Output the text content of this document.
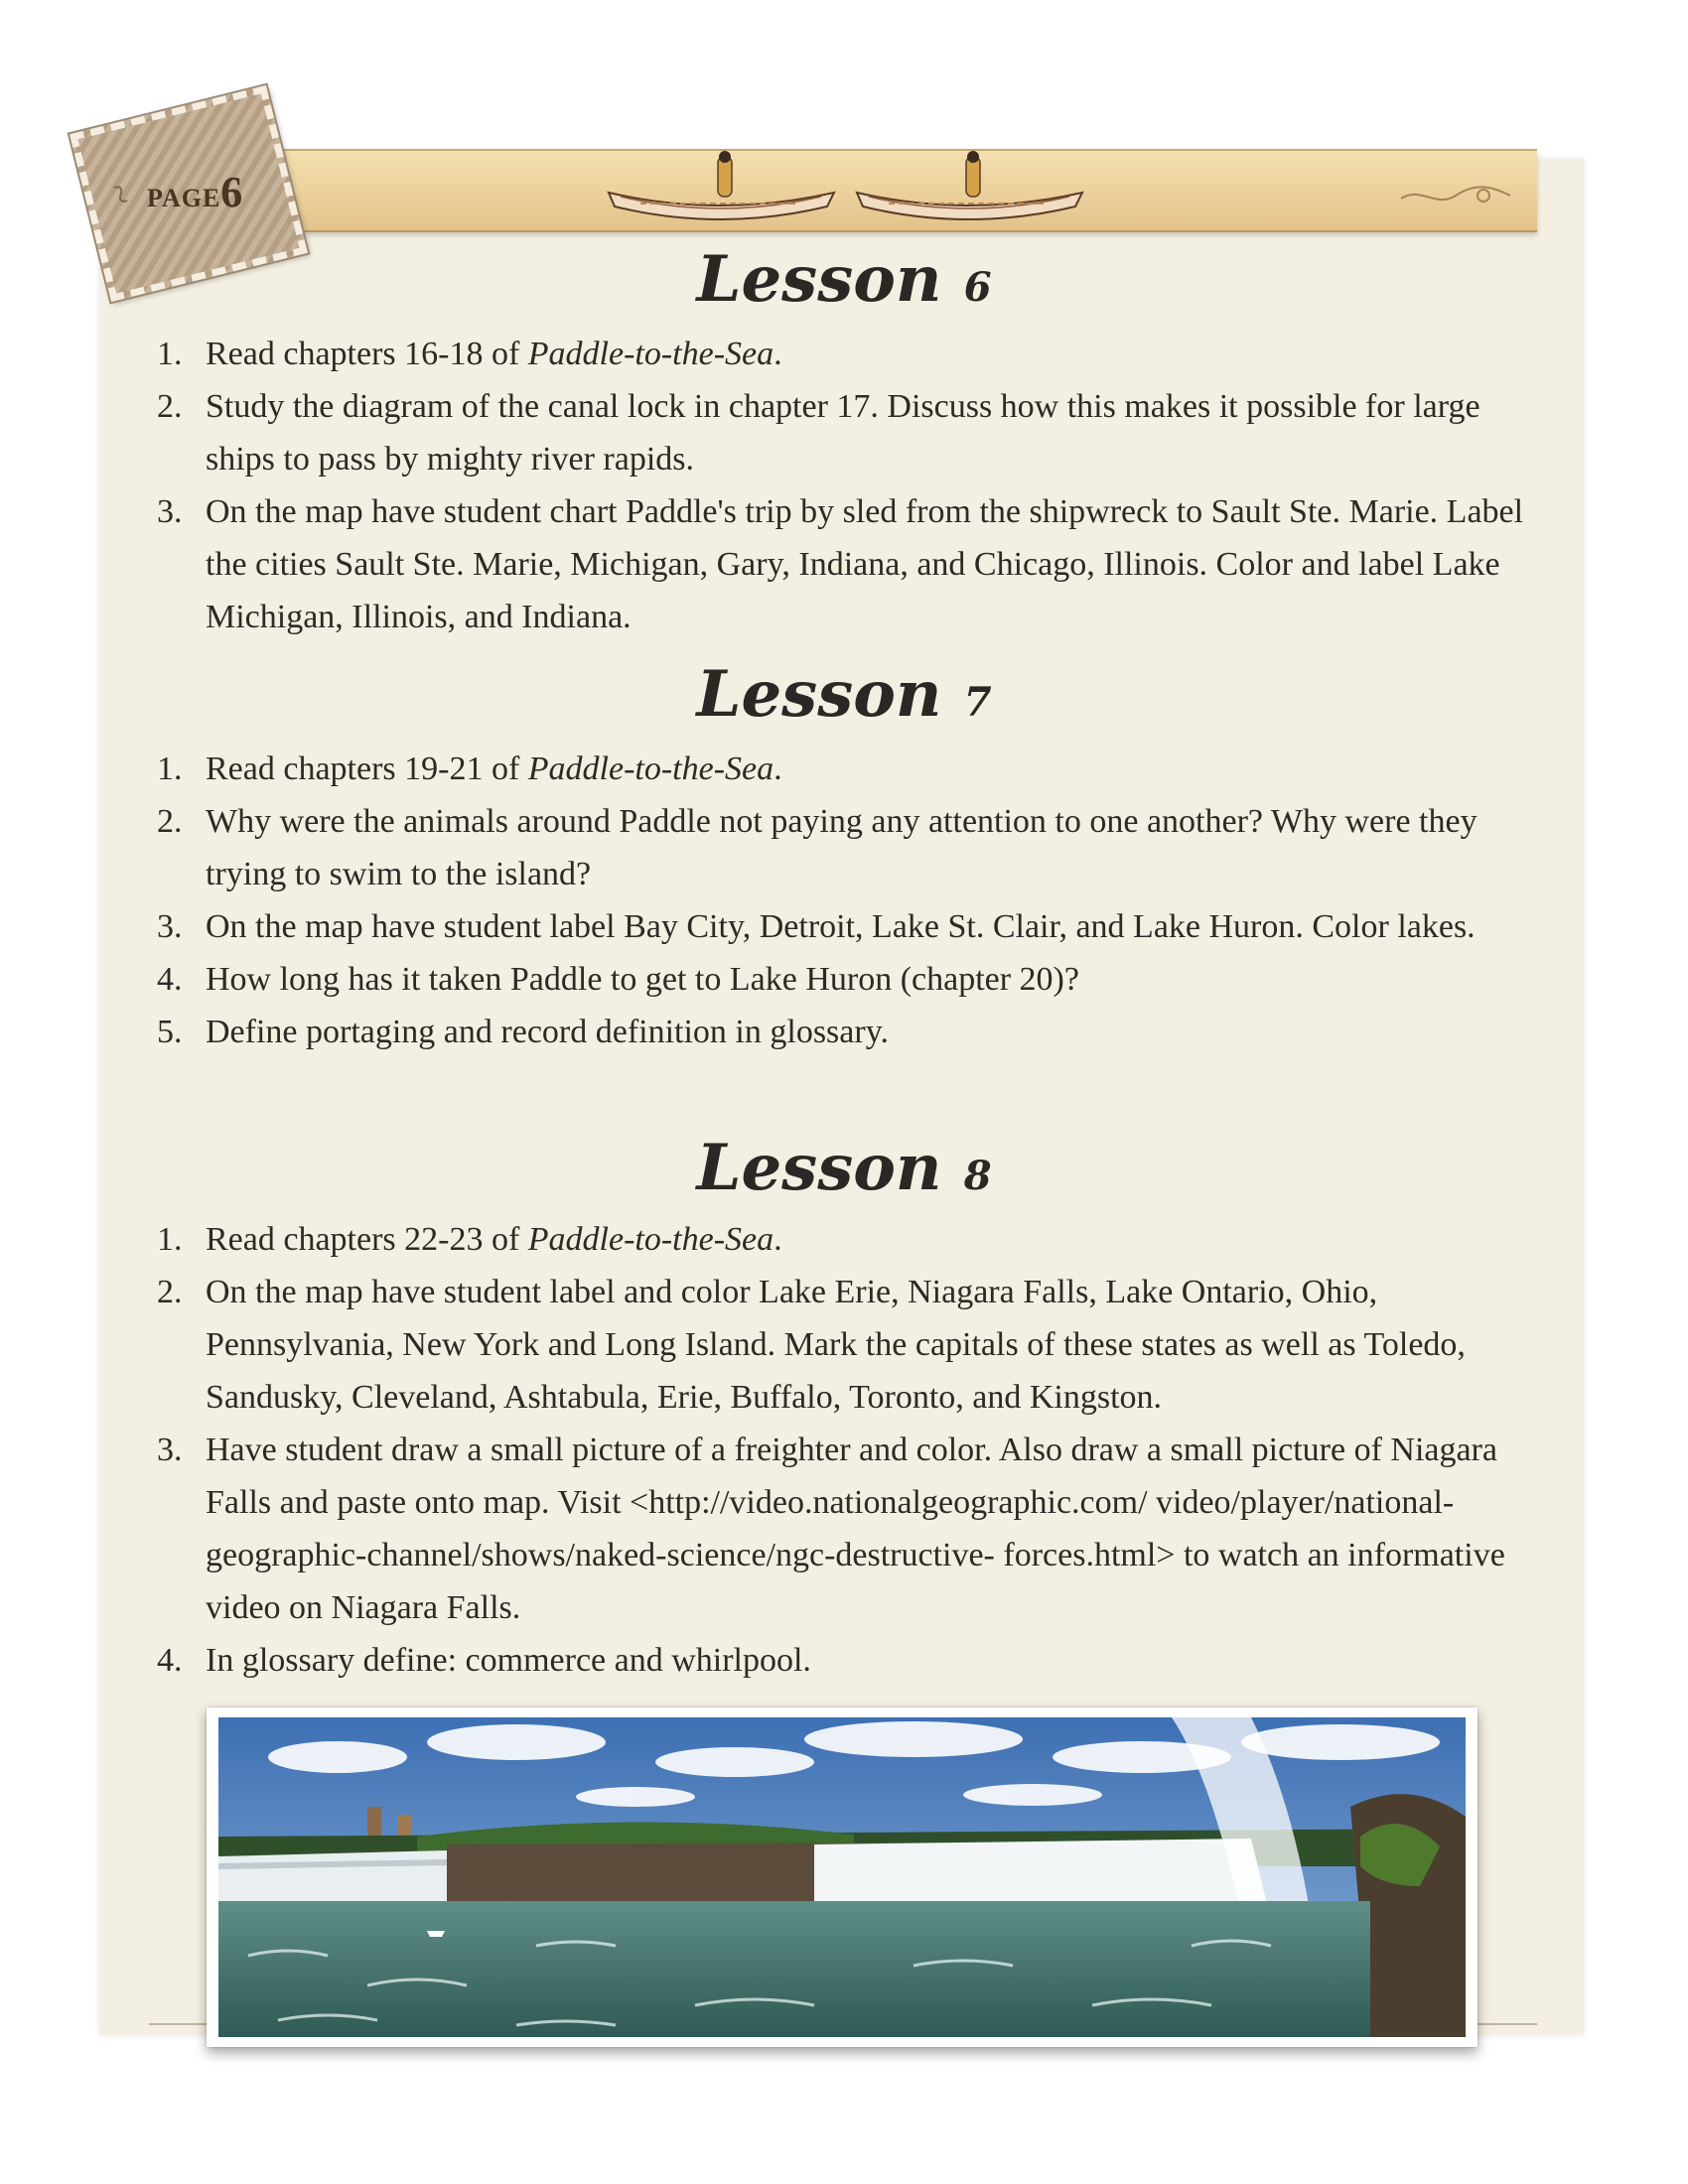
~ PAGE6
Lesson 6
1. Read chapters 16-18 of Paddle-to-the-Sea.
2. Study the diagram of the canal lock in chapter 17. Discuss how this makes it possible for large ships to pass by mighty river rapids.
3. On the map have student chart Paddle's trip by sled from the shipwreck to Sault Ste. Marie. Label the cities Sault Ste. Marie, Michigan, Gary, Indiana, and Chicago, Illinois. Color and label Lake Michigan, Illinois, and Indiana.
Lesson 7
1. Read chapters 19-21 of Paddle-to-the-Sea.
2. Why were the animals around Paddle not paying any attention to one another? Why were they trying to swim to the island?
3. On the map have student label Bay City, Detroit, Lake St. Clair, and Lake Huron. Color lakes.
4. How long has it taken Paddle to get to Lake Huron (chapter 20)?
5. Define portaging and record definition in glossary.
Lesson 8
1. Read chapters 22-23 of Paddle-to-the-Sea.
2. On the map have student label and color Lake Erie, Niagara Falls, Lake Ontario, Ohio, Pennsylvania, New York and Long Island. Mark the capitals of these states as well as Toledo, Sandusky, Cleveland, Ashtabula, Erie, Buffalo, Toronto, and Kingston.
3. Have student draw a small picture of a freighter and color. Also draw a small picture of Niagara Falls and paste onto map. Visit <http://video.nationalgeographic.com/ video/player/national-geographic-channel/shows/naked-science/ngc-destructive- forces.html> to watch an informative video on Niagara Falls.
4. In glossary define: commerce and whirlpool.
